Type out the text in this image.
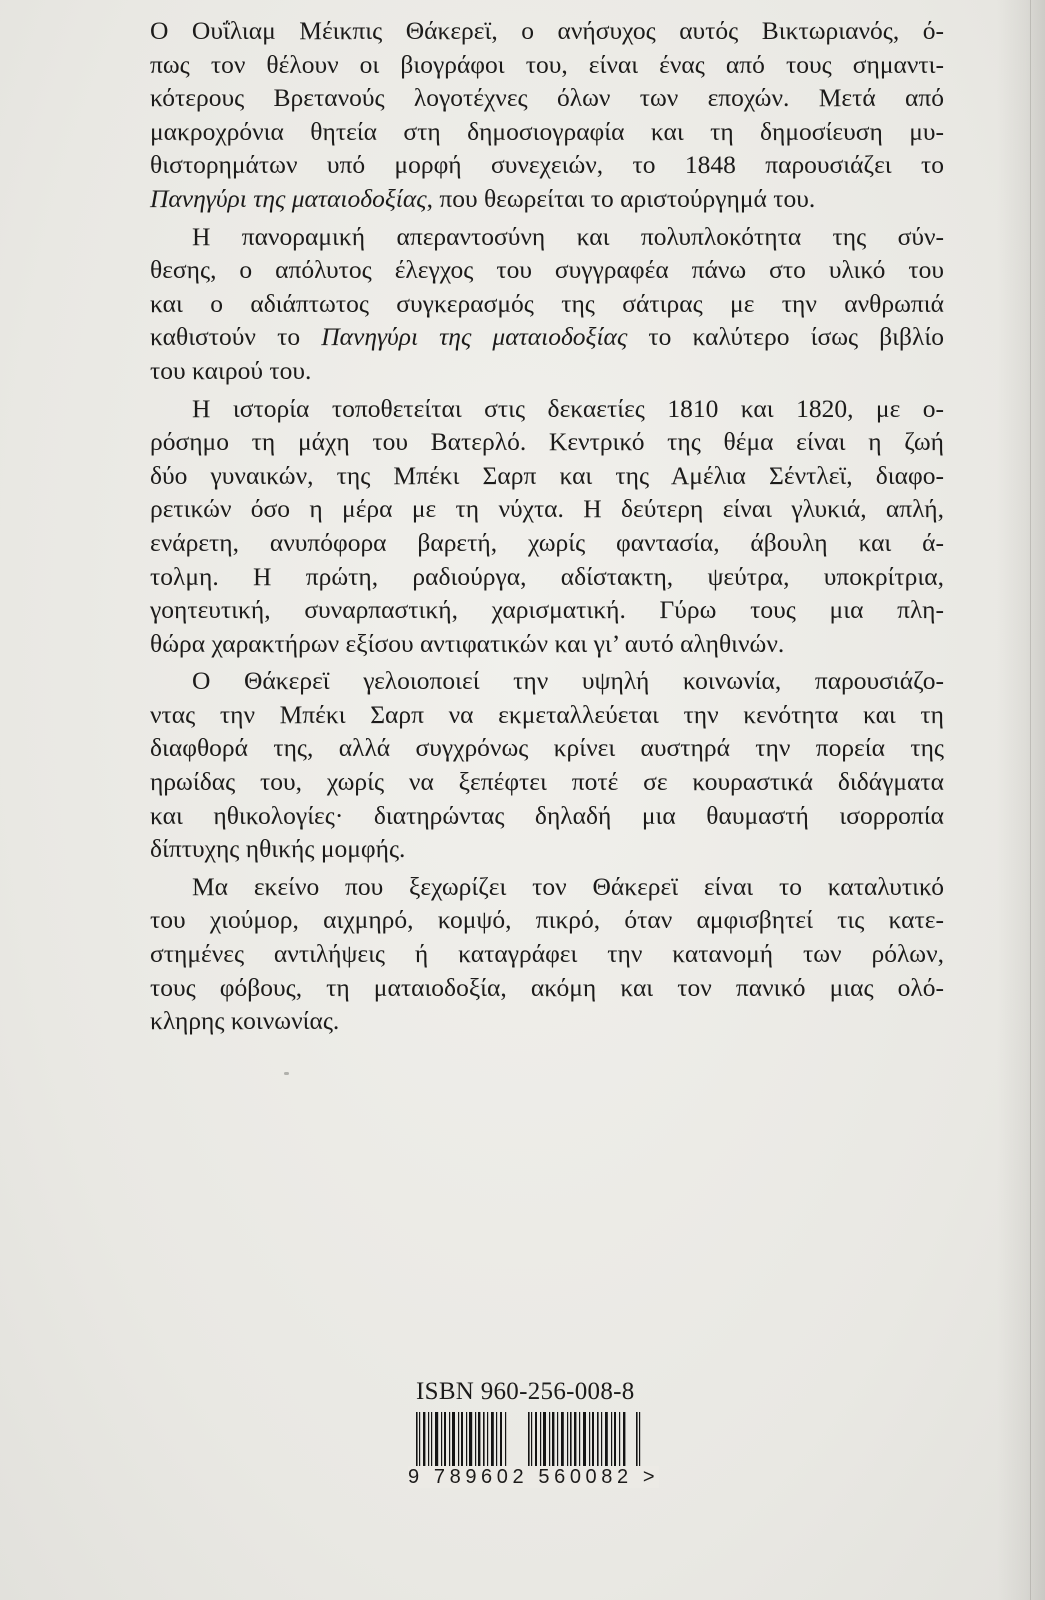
Ο Ουΐλιαμ Μέικπις Θάκερεϊ, ο ανήσυχος αυτός Βικτωριανός, ό-
πως τον θέλουν οι βιογράφοι του, είναι ένας από τους σημαντι-
κότερους Βρετανούς λογοτέχνες όλων των εποχών. Μετά από
μακροχρόνια θητεία στη δημοσιογραφία και τη δημοσίευση μυ-
θιστορημάτων υπό μορφή συνεχειών, το 1848 παρουσιάζει το
Πανηγύρι της ματαιοδοξίας, που θεωρείται το αριστούργημά του.
Η πανοραμική απεραντοσύνη και πολυπλοκότητα της σύν-
θεσης, ο απόλυτος έλεγχος του συγγραφέα πάνω στο υλικό του
και ο αδιάπτωτος συγκερασμός της σάτιρας με την ανθρωπιά
καθιστούν το Πανηγύρι της ματαιοδοξίας το καλύτερο ίσως βιβλίο
του καιρού του.
Η ιστορία τοποθετείται στις δεκαετίες 1810 και 1820, με ο-
ρόσημο τη μάχη του Βατερλό. Κεντρικό της θέμα είναι η ζωή
δύο γυναικών, της Μπέκι Σαρπ και της Αμέλια Σέντλεϊ, διαφο-
ρετικών όσο η μέρα με τη νύχτα. Η δεύτερη είναι γλυκιά, απλή,
ενάρετη, ανυπόφορα βαρετή, χωρίς φαντασία, άβουλη και ά-
τολμη. Η πρώτη, ραδιούργα, αδίστακτη, ψεύτρα, υποκρίτρια,
γοητευτική, συναρπαστική, χαρισματική. Γύρω τους μια πλη-
θώρα χαρακτήρων εξίσου αντιφατικών και γι’ αυτό αληθινών.
Ο Θάκερεϊ γελοιοποιεί την υψηλή κοινωνία, παρουσιάζο-
ντας την Μπέκι Σαρπ να εκμεταλλεύεται την κενότητα και τη
διαφθορά της, αλλά συγχρόνως κρίνει αυστηρά την πορεία της
ηρωίδας του, χωρίς να ξεπέφτει ποτέ σε κουραστικά διδάγματα
και ηθικολογίες· διατηρώντας δηλαδή μια θαυμαστή ισορροπία
δίπτυχης ηθικής μομφής.
Μα εκείνο που ξεχωρίζει τον Θάκερεϊ είναι το καταλυτικό
του χιούμορ, αιχμηρό, κομψό, πικρό, όταν αμφισβητεί τις κατε-
στημένες αντιλήψεις ή καταγράφει την κατανομή των ρόλων,
τους φόβους, τη ματαιοδοξία, ακόμη και τον πανικό μιας ολό-
κληρης κοινωνίας.
ISBN 960-256-008-8
9 789602 560082 >
